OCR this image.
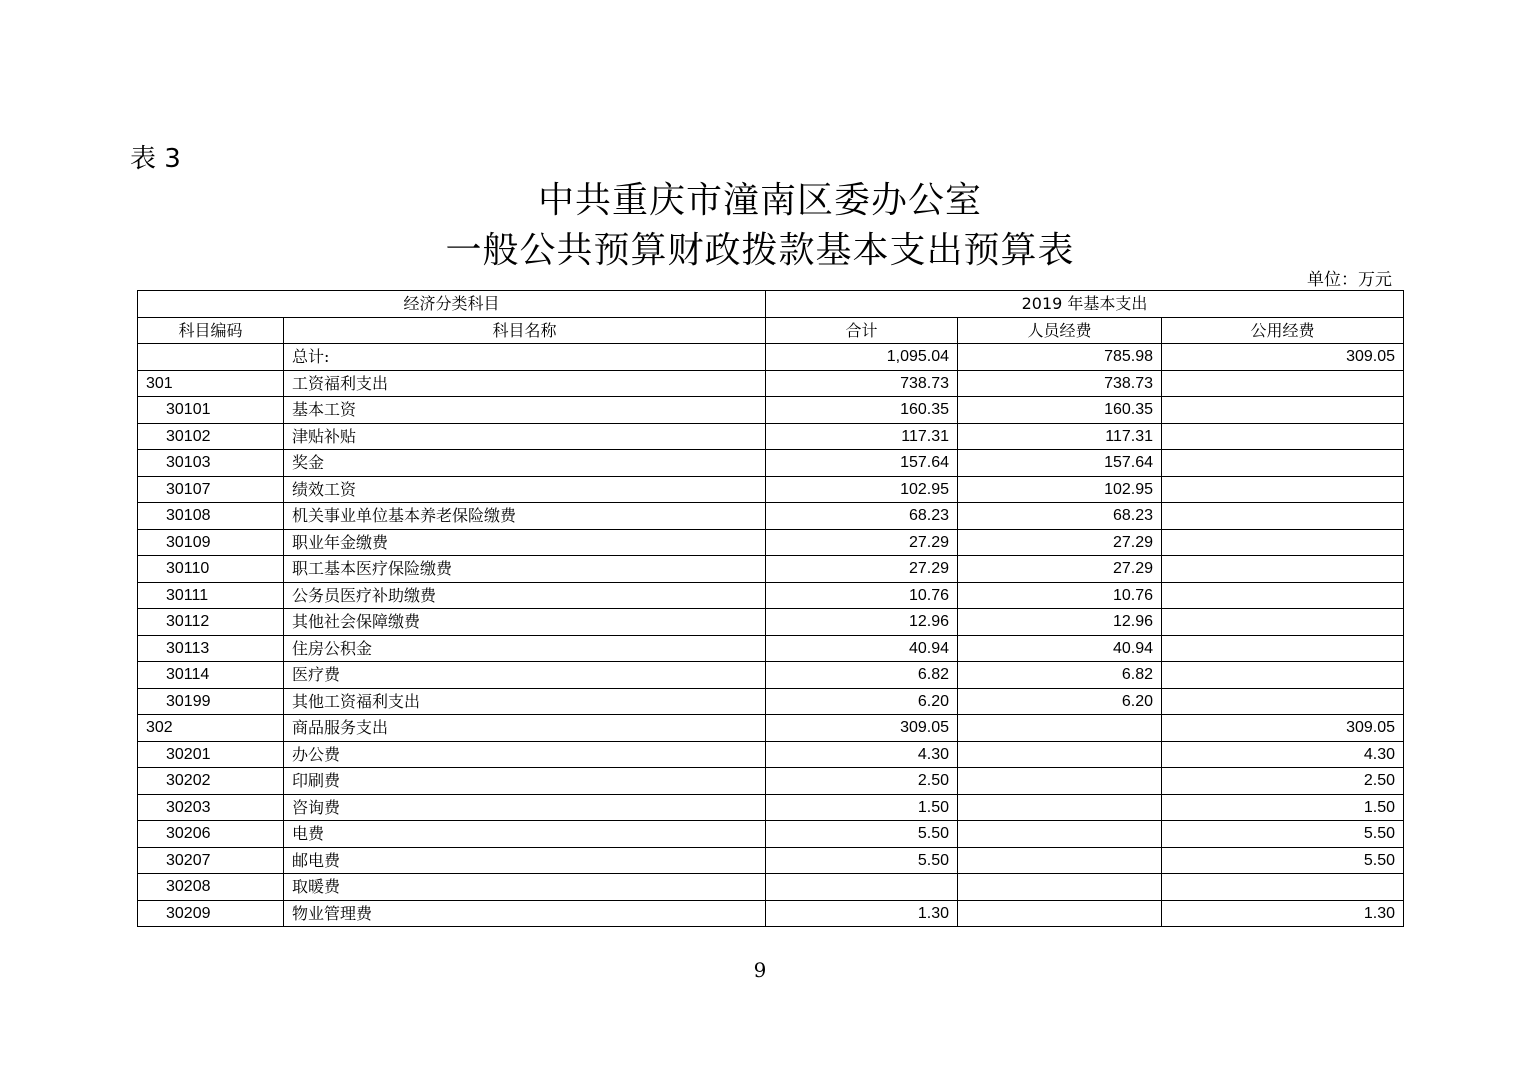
表 3
中共重庆市潼南区委办公室
一般公共预算财政拨款基本支出预算表
单位：万元
经济分类科目		2019 年基本支出		
科目编码	科目名称	合计	人员经费	公用经费
	总计:	1,095.04	785.98	309.05
301	工资福利支出	738.73	738.73	
30101	基本工资	160.35	160.35	
30102	津贴补贴	117.31	117.31	
30103	奖金	157.64	157.64	
30107	绩效工资	102.95	102.95	
30108	机关事业单位基本养老保险缴费	68.23	68.23	
30109	职业年金缴费	27.29	27.29	
30110	职工基本医疗保险缴费	27.29	27.29	
30111	公务员医疗补助缴费	10.76	10.76	
30112	其他社会保障缴费	12.96	12.96	
30113	住房公积金	40.94	40.94	
30114	医疗费	6.82	6.82	
30199	其他工资福利支出	6.20	6.20	
302	商品服务支出	309.05		309.05
30201	办公费	4.30		4.30
30202	印刷费	2.50		2.50
30203	咨询费	1.50		1.50
30206	电费	5.50		5.50
30207	邮电费	5.50		5.50
30208	取暖费			
30209	物业管理费	1.30		1.30
9
